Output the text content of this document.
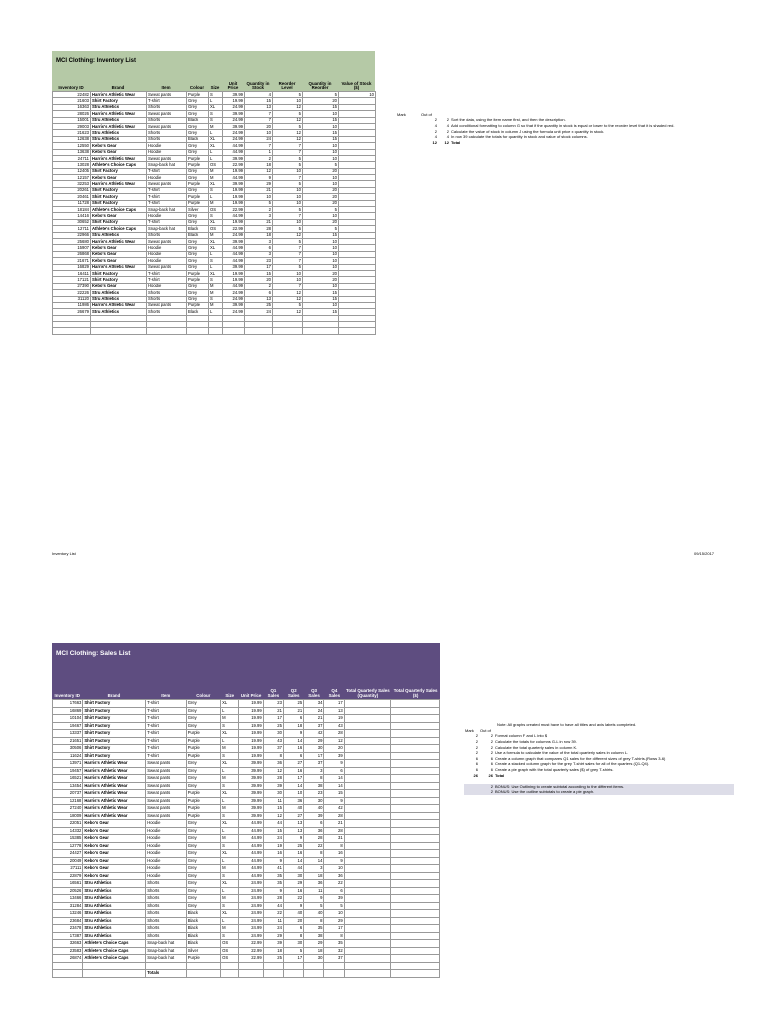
MCI Clothing: Inventory List
Inventory ID	Brand	Item	Colour	Size	Unit Price	Quantity in Stock	Reorder Level	Quantity in Reorder	Value of Stock ($)
22482	Harris's Athletic Wear	Sweat pants	Purple	S	39.99	4	5	5	10
21603	Shirt Factory	T-shirt	Grey	L	19.99	15	10	20	
16363	Stru Athletics	Shorts	Grey	XL	24.99	13	12	15	
28026	Harris's Athletic Wear	Sweat pants	Grey	S	39.99	7	5	10	
15001	Stru Athletics	Shorts	Black	S	24.99	7	12	15	
29003	Harris's Athletic Wear	Sweat pants	Grey	M	39.99	20	5	10	
21623	Stru Athletics	Shorts	Grey	L	24.99	10	12	15	
12638	Stru Athletics	Shorts	Black	XL	24.99	24	12	15	
12550	Kebo's Gear	Hoodie	Grey	XL	44.99	7	7	10	
13638	Kebo's Gear	Hoodie	Grey	L	44.99	1	7	10	
24711	Harris's Athletic Wear	Sweat pants	Purple	L	39.99	2	5	10	
13028	Athlete's Choice Caps	Snap-back hat	Purple	OS	22.99	18	5	5	
12405	Shirt Factory	T-shirt	Grey	M	19.99	12	10	20	
12157	Kebo's Gear	Hoodie	Grey	M	44.99	9	7	10	
32253	Harris's Athletic Wear	Sweat pants	Purple	XL	39.99	29	5	10	
20261	Shirt Factory	T-shirt	Grey	S	19.99	21	10	20	
20461	Shirt Factory	T-shirt	Purple	L	19.99	10	10	20	
11728	Shirt Factory	T-shirt	Purple	M	19.99	5	10	20	
18184	Athlete's Choice Caps	Snap-back hat	Silver	OS	22.99	2	5	5	
14416	Kebo's Gear	Hoodie	Grey	S	44.99	3	7	10	
30652	Shirt Factory	T-shirt	Grey	XL	19.99	21	10	20	
12711	Athlete's Choice Caps	Snap-back hat	Black	OS	22.99	28	5	5	
22966	Stru Athletics	Shorts	Black	M	24.99	18	12	15	
25680	Harris's Athletic Wear	Sweat pants	Grey	XL	39.99	3	5	10	
15907	Kebo's Gear	Hoodie	Grey	XL	44.99	6	7	10	
26868	Kebo's Gear	Hoodie	Grey	L	44.99	3	7	10	
21671	Kebo's Gear	Hoodie	Grey	S	44.99	23	7	10	
16829	Harris's Athletic Wear	Sweat pants	Grey	L	39.99	17	5	10	
16411	Shirt Factory	T-shirt	Purple	XL	19.99	15	10	20	
17121	Shirt Factory	T-shirt	Purple	S	19.99	20	10	20	
27390	Kebo's Gear	Hoodie	Grey	M	44.99	2	7	10	
22226	Stru Athletics	Shorts	Grey	M	24.99	6	12	15	
31120	Stru Athletics	Shorts	Grey	S	24.99	13	12	15	
11986	Harris's Athletic Wear	Sweat pants	Purple	M	39.99	25	5	10	
26679	Stru Athletics	Shorts	Black	L	24.99	24	12	15	

Mark	Out of		
	2	2	Sort the data, using the item name first, and then the description.
	4	4	Add conditional formatting to column G so that if the quantity in stock is equal or lower to the reorder level that it is shaded red.
	2	2	Calculate the value of stock in column J using the formula unit price x quantity in stock.
	4	4	In row 39 calculate the totals for quantity in stock and value of stock columns.
	12	12	Total
Inventory List	09/15/2017
MCI Clothing: Sales List
Inventory ID	Brand	Item	Colour	Size	Unit Price	Q1 Sales	Q2 Sales	Q3 Sales	Q4 Sales	Total Quarterly Sales (Quantity)	Total Quarterly Sales ($)
17663	Shirt Factory	T-shirt	Grey	XL	19.99	23	25	34	17		
16869	Shirt Factory	T-shirt	Grey	L	19.99	21	21	24	13		
10104	Shirt Factory	T-shirt	Grey	M	19.99	17	6	21	19		
19467	Shirt Factory	T-shirt	Grey	S	19.99	25	18	37	43		
13337	Shirt Factory	T-shirt	Purple	XL	19.99	30	9	42	28		
21651	Shirt Factory	T-shirt	Purple	L	19.99	43	14	29	12		
30506	Shirt Factory	T-shirt	Purple	M	19.99	37	16	30	20		
11624	Shirt Factory	T-shirt	Purple	S	19.99	8	6	17	39		
13971	Harris's Athletic Wear	Sweat pants	Grey	XL	39.99	36	27	37	9		
19457	Harris's Athletic Wear	Sweat pants	Grey	L	39.99	12	16	3	6		
16521	Harris's Athletic Wear	Sweat pants	Grey	M	39.99	28	17	8	14		
13454	Harris's Athletic Wear	Sweat pants	Grey	S	39.99	39	14	38	14		
20737	Harris's Athletic Wear	Sweat pants	Purple	XL	39.99	30	10	23	15		
12168	Harris's Athletic Wear	Sweat pants	Purple	L	39.99	11	36	30	9		
27240	Harris's Athletic Wear	Sweat pants	Purple	M	39.99	15	40	40	42		
18009	Harris's Athletic Wear	Sweat pants	Purple	S	39.99	12	27	39	28		
22051	Kebo's Gear	Hoodie	Grey	XL	44.99	44	13	6	21		
14332	Kebo's Gear	Hoodie	Grey	L	44.99	15	13	36	28		
15385	Kebo's Gear	Hoodie	Grey	M	44.99	24	9	28	31		
12778	Kebo's Gear	Hoodie	Grey	S	44.99	19	25	22	8		
24427	Kebo's Gear	Hoodie	Grey	XL	44.99	16	16	8	16		
20049	Kebo's Gear	Hoodie	Grey	L	44.99	9	14	14	9		
27111	Kebo's Gear	Hoodie	Grey	M	44.99	41	44	3	10		
22879	Kebo's Gear	Hoodie	Grey	S	44.99	35	30	18	36		
16561	Stru Athletics	Shorts	Grey	XL	24.99	35	29	36	22		
20526	Stru Athletics	Shorts	Grey	L	24.99	9	16	11	6		
13466	Stru Athletics	Shorts	Grey	M	24.99	28	22	9	39		
31284	Stru Athletics	Shorts	Grey	S	24.99	44	9	5	5		
13246	Stru Athletics	Shorts	Black	XL	24.99	22	40	40	10		
23684	Stru Athletics	Shorts	Black	L	24.99	11	20	8	29		
23478	Stru Athletics	Shorts	Black	M	24.99	24	6	35	17		
17387	Stru Athletics	Shorts	Black	S	24.99	29	8	38	8		
32663	Athlete's Choice Caps	Snap-back hat	Black	OS	22.99	39	30	29	35		
23583	Athlete's Choice Caps	Snap-back hat	Silver	OS	22.99	18	5	18	32		
26874	Athlete's Choice Caps	Snap-back hat	Purple	OS	22.99	25	17	30	37		

		Totals									
Note: All graphs created must have to have all titles and axis labels completed.
Mark	Out of	
2	2	Format column F and L into $
2	2	Calculate the totals for columns G-L in row 39.
2	2	Calculate the total quarterly sales in column K.
2	2	Use a formula to calculate the value of the total quarterly sales in column L.
6	6	Create a column graph that compares Q1 sales for the different sizes of grey T-shirts.(Rows 3-6)
6	6	Create a stacked column graph for the grey T-shirt sales for all of the quarters (Q1-Q4).
6	6	Create a pie graph with the total quarterly sales ($) of grey T-shirts.
26	26	Total

	2	BONUS: Use Outlining to create subtotal according to the different items.
	2	BONUS: Use the outline subtotals to create a pie graph.
